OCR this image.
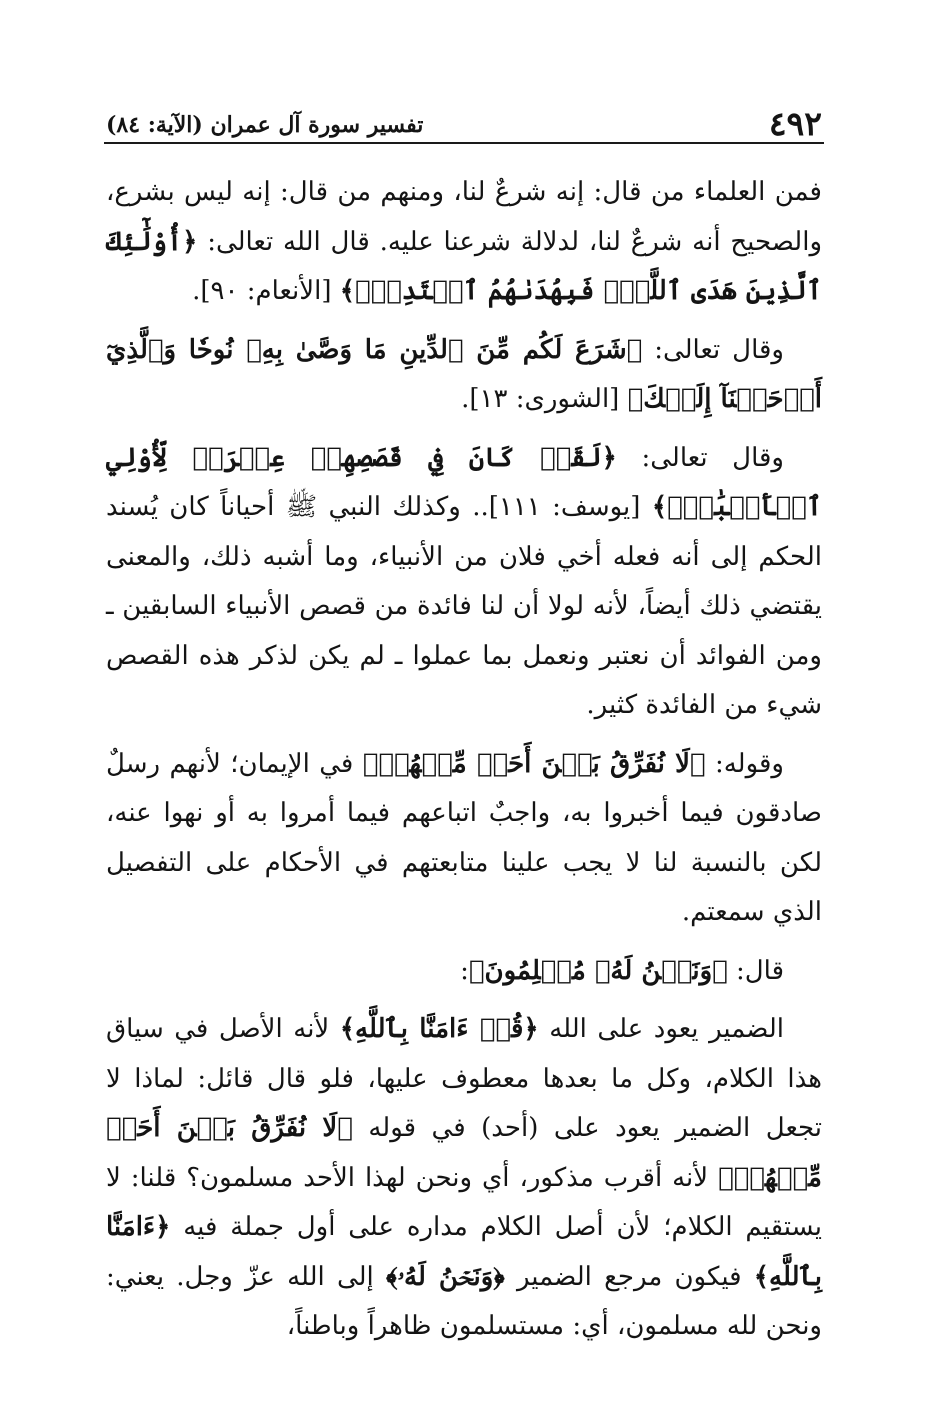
٤٩٢
تفسير سورة آل عمران (الآية: ٨٤)

فمن العلماء من قال: إنه شرعٌ لنا، ومنهم من قال: إنه ليس بشرع، والصحيح أنه شرعٌ لنا، لدلالة شرعنا عليه. قال الله تعالى: ﴿أُوْلَٰٓئِكَ ٱلَّذِينَ هَدَى ٱللَّهُۖ فَبِهُدَىٰهُمُ ٱقۡتَدِهۡۗ﴾ [الأنعام: ٩٠].

وقال تعالى: ﴿شَرَعَ لَكُم مِّنَ ٱلدِّينِ مَا وَصَّىٰ بِهِۦ نُوحٗا وَٱلَّذِيٓ أَوۡحَيۡنَآ إِلَيۡكَ﴾ [الشورى: ١٣].

وقال تعالى: ﴿لَقَدۡ كَانَ فِي قَصَصِهِمۡ عِبۡرَةٞ لِّأُوْلِي ٱلۡأَلۡبَٰبِۗ﴾ [يوسف: ١١١].. وكذلك النبي ﷺ أحياناً كان يُسند الحكم إلى أنه فعله أخي فلان من الأنبياء، وما أشبه ذلك، والمعنى يقتضي ذلك أيضاً، لأنه لولا أن لنا فائدة من قصص الأنبياء السابقين ـ ومن الفوائد أن نعتبر ونعمل بما عملوا ـ لم يكن لذكر هذه القصص شيء من الفائدة كثير.

وقوله: ﴿لَا نُفَرِّقُ بَيۡنَ أَحَدٖ مِّنۡهُمۡ﴾ في الإيمان؛ لأنهم رسلٌ صادقون فيما أخبروا به، واجبٌ اتباعهم فيما أمروا به أو نهوا عنه، لكن بالنسبة لنا لا يجب علينا متابعتهم في الأحكام على التفصيل الذي سمعتم.

قال: ﴿وَنَحۡنُ لَهُۥ مُسۡلِمُونَ﴾:

الضمير يعود على الله ﴿قُلۡ ءَامَنَّا بِٱللَّهِ﴾ لأنه الأصل في سياق هذا الكلام، وكل ما بعدها معطوف عليها، فلو قال قائل: لماذا لا تجعل الضمير يعود على (أحد) في قوله ﴿لَا نُفَرِّقُ بَيۡنَ أَحَدٖ مِّنۡهُمۡ﴾ لأنه أقرب مذكور، أي ونحن لهذا الأحد مسلمون؟ قلنا: لا يستقيم الكلام؛ لأن أصل الكلام مداره على أول جملة فيه ﴿ءَامَنَّا بِٱللَّهِ﴾ فيكون مرجع الضمير ﴿وَنَحۡنُ لَهُۥ﴾ إلى الله عزّ وجل. يعني: ونحن لله مسلمون، أي: مستسلمون ظاهراً وباطناً،
